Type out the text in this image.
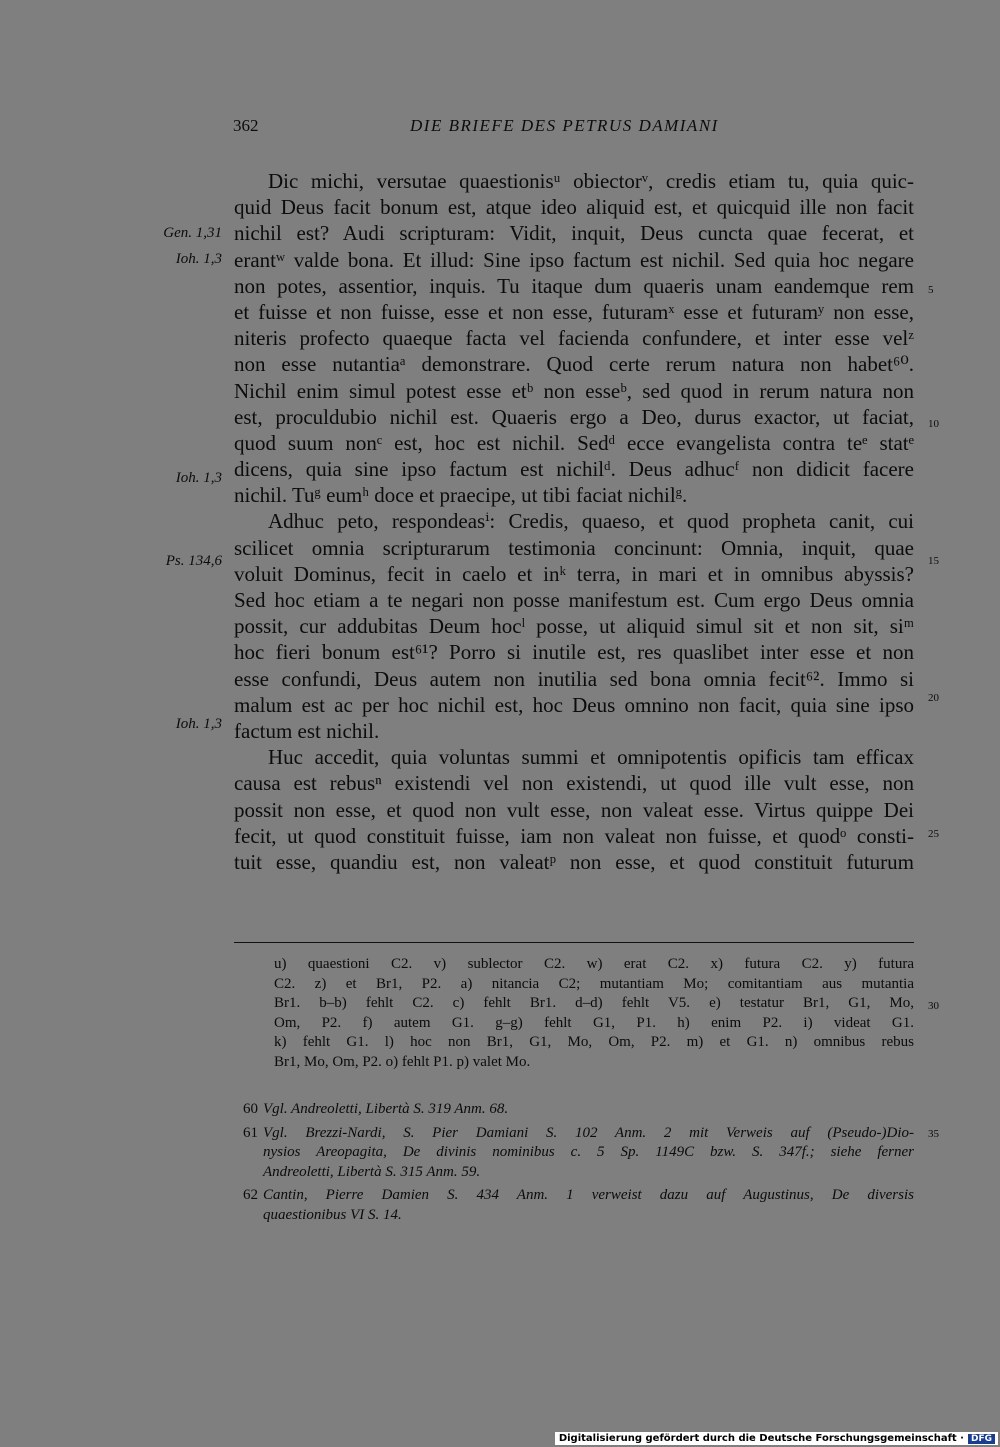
362	DIE BRIEFE DES PETRUS DAMIANI
Dic michi, versutae quaestionisᵘ obiectorᵛ, credis etiam tu, quia quic-
quid Deus facit bonum est, atque ideo aliquid est, et quicquid ille non facit
nichil est? Audi scripturam: Vidit, inquit, Deus cuncta quae fecerat, et
erantʷ valde bona. Et illud: Sine ipso factum est nichil. Sed quia hoc negare
non potes, assentior, inquis. Tu itaque dum quaeris unam eandemque rem
et fuisse et non fuisse, esse et non esse, futuramˣ esse et futuramʸ non esse,
niteris profecto quaeque facta vel facienda confundere, et inter esse velᶻ
non esse nutantiaᵃ demonstrare. Quod certe rerum natura non habet⁶⁰.
Nichil enim simul potest esse etᵇ non esseᵇ, sed quod in rerum natura non
est, proculdubio nichil est. Quaeris ergo a Deo, durus exactor, ut faciat,
quod suum nonᶜ est, hoc est nichil. Sedᵈ ecce evangelista contra teᵉ statᵉ
dicens, quia sine ipso factum est nichilᵈ. Deus adhucᶠ non didicit facere
nichil. Tuᵍ eumʰ doce et praecipe, ut tibi faciat nichilᵍ.
Adhuc peto, respondeasⁱ: Credis, quaeso, et quod propheta canit, cui
scilicet omnia scripturarum testimonia concinunt: Omnia, inquit, quae
voluit Dominus, fecit in caelo et inᵏ terra, in mari et in omnibus abyssis?
Sed hoc etiam a te negari non posse manifestum est. Cum ergo Deus omnia
possit, cur addubitas Deum hocˡ posse, ut aliquid simul sit et non sit, siᵐ
hoc fieri bonum est⁶¹? Porro si inutile est, res quaslibet inter esse et non
esse confundi, Deus autem non inutilia sed bona omnia fecit⁶². Immo si
malum est ac per hoc nichil est, hoc Deus omnino non facit, quia sine ipso
factum est nichil.
Huc accedit, quia voluntas summi et omnipotentis opificis tam efficax
causa est rebusⁿ existendi vel non existendi, ut quod ille vult esse, non
possit non esse, et quod non vult esse, non valeat esse. Virtus quippe Dei
fecit, ut quod constituit fuisse, iam non valeat non fuisse, et quodᵒ consti-
tuit esse, quandiu est, non valeatᵖ non esse, et quod constituit futurum
Gen. 1,31
Ioh. 1,3
Ioh. 1,3
Ps. 134,6
Ioh. 1,3
5
10
15
20
25
30
35
u) quaestioni C2. v) sublector C2. w) erat C2. x) futura C2. y) futura
C2. z) et Br1, P2. a) nitancia C2; mutantiam Mo; comitantiam aus mutantia
Br1. b–b) fehlt C2. c) fehlt Br1. d–d) fehlt V5. e) testatur Br1, G1, Mo,
Om, P2. f) autem G1. g–g) fehlt G1, P1. h) enim P2. i) videat G1.
k) fehlt G1. l) hoc non Br1, G1, Mo, Om, P2. m) et G1. n) omnibus rebus
Br1, Mo, Om, P2. o) fehlt P1. p) valet Mo.
60 Vgl. Andreoletti, Libertà S. 319 Anm. 68.
61 Vgl. Brezzi-Nardi, S. Pier Damiani S. 102 Anm. 2 mit Verweis auf (Pseudo-)Dio-
nysios Areopagita, De divinis nominibus c. 5 Sp. 1149C bzw. S. 347f.; siehe ferner
Andreoletti, Libertà S. 315 Anm. 59.
62 Cantin, Pierre Damien S. 434 Anm. 1 verweist dazu auf Augustinus, De diversis
quaestionibus VI S. 14.
Digitalisierung gefördert durch die Deutsche Forschungsgemeinschaft · DFG
